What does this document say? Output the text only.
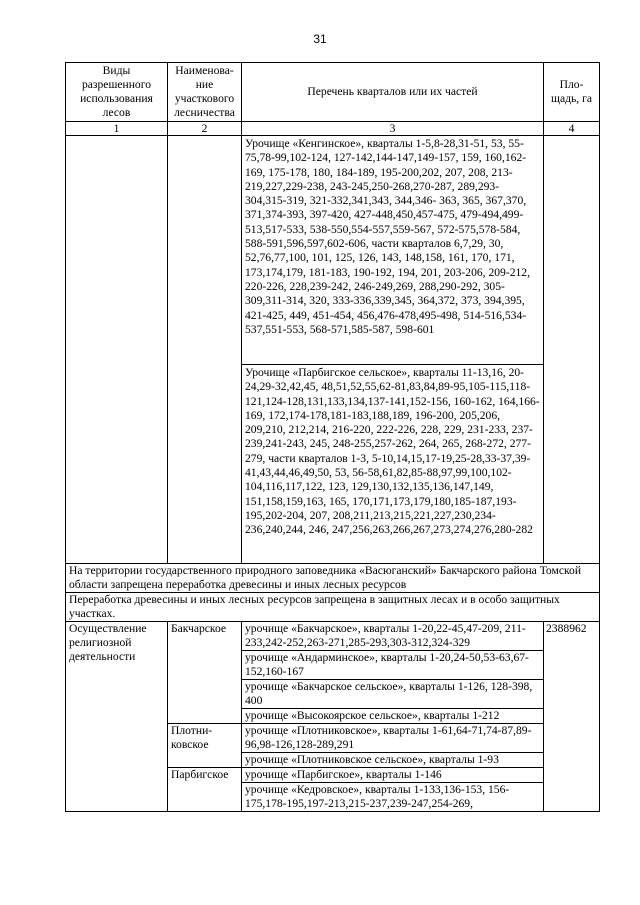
31
Виды разрешенного использования лесов	Наименова-ние участкового лесничества	Перечень кварталов или их частей	Пло-щадь, га
1	2	3	4
		Урочище «Кенгинское», кварталы 1-5,8-28,31-51, 53, 55-75,78-99,102-124, 127-142,144-147,149-157, 159, 160,162-169, 175-178, 180, 184-189, 195-200,202, 207, 208, 213-219,227,229-238, 243-245,250-268,270-287, 289,293-304,315-319, 321-332,341,343, 344,346- 363, 365, 367,370, 371,374-393, 397-420, 427-448,450,457-475, 479-494,499-513,517-533, 538-550,554-557,559-567, 572-575,578-584, 588-591,596,597,602-606, части кварталов 6,7,29, 30, 52,76,77,100, 101, 125, 126, 143, 148,158, 161, 170, 171, 173,174,179, 181-183, 190-192, 194, 201, 203-206, 209-212, 220-226, 228,239-242, 246-249,269, 288,290-292, 305-309,311-314, 320, 333-336,339,345, 364,372, 373, 394,395, 421-425, 449, 451-454, 456,476-478,495-498, 514-516,534-537,551-553, 568-571,585-587, 598-601	
		Урочище «Парбигское сельское», кварталы 11-13,16, 20-24,29-32,42,45, 48,51,52,55,62-81,83,84,89-95,105-115,118-121,124-128,131,133,134,137-141,152-156, 160-162, 164,166-169, 172,174-178,181-183,188,189, 196-200, 205,206, 209,210, 212,214, 216-220, 222-226, 228, 229, 231-233, 237-239,241-243, 245, 248-255,257-262, 264, 265, 268-272, 277-279, части кварталов 1-3, 5-10,14,15,17-19,25-28,33-37,39-41,43,44,46,49,50, 53, 56-58,61,82,85-88,97,99,100,102-104,116,117,122, 123, 129,130,132,135,136,147,149, 151,158,159,163, 165, 170,171,173,179,180,185-187,193-195,202-204, 207, 208,211,213,215,221,227,230,234-236,240,244, 246, 247,256,263,266,267,273,274,276,280-282	
На территории государственного природного заповедника «Васюганский» Бакчарского района Томской области запрещена переработка древесины и иных лесных ресурсов			
Переработка древесины и иных лесных ресурсов запрещена в защитных лесах и в особо защитных участках.			
Осуществление религиозной деятельности	Бакчарское	урочище «Бакчарское», кварталы 1-20,22-45,47-209, 211-233,242-252,263-271,285-293,303-312,324-329	2388962
		урочище «Андарминское», кварталы 1-20,24-50,53-63,67-152,160-167	
		урочище «Бакчарское сельское», кварталы 1-126, 128-398, 400	
		урочище «Высокоярское сельское», кварталы 1-212	
	Плотни-ковское	урочище «Плотниковское», кварталы 1-61,64-71,74-87,89-96,98-126,128-289,291	
		урочище «Плотниковское сельское», кварталы 1-93	
	Парбигское	урочище «Парбигское», кварталы 1-146	
		урочище «Кедровское», кварталы 1-133,136-153, 156-175,178-195,197-213,215-237,239-247,254-269,	
